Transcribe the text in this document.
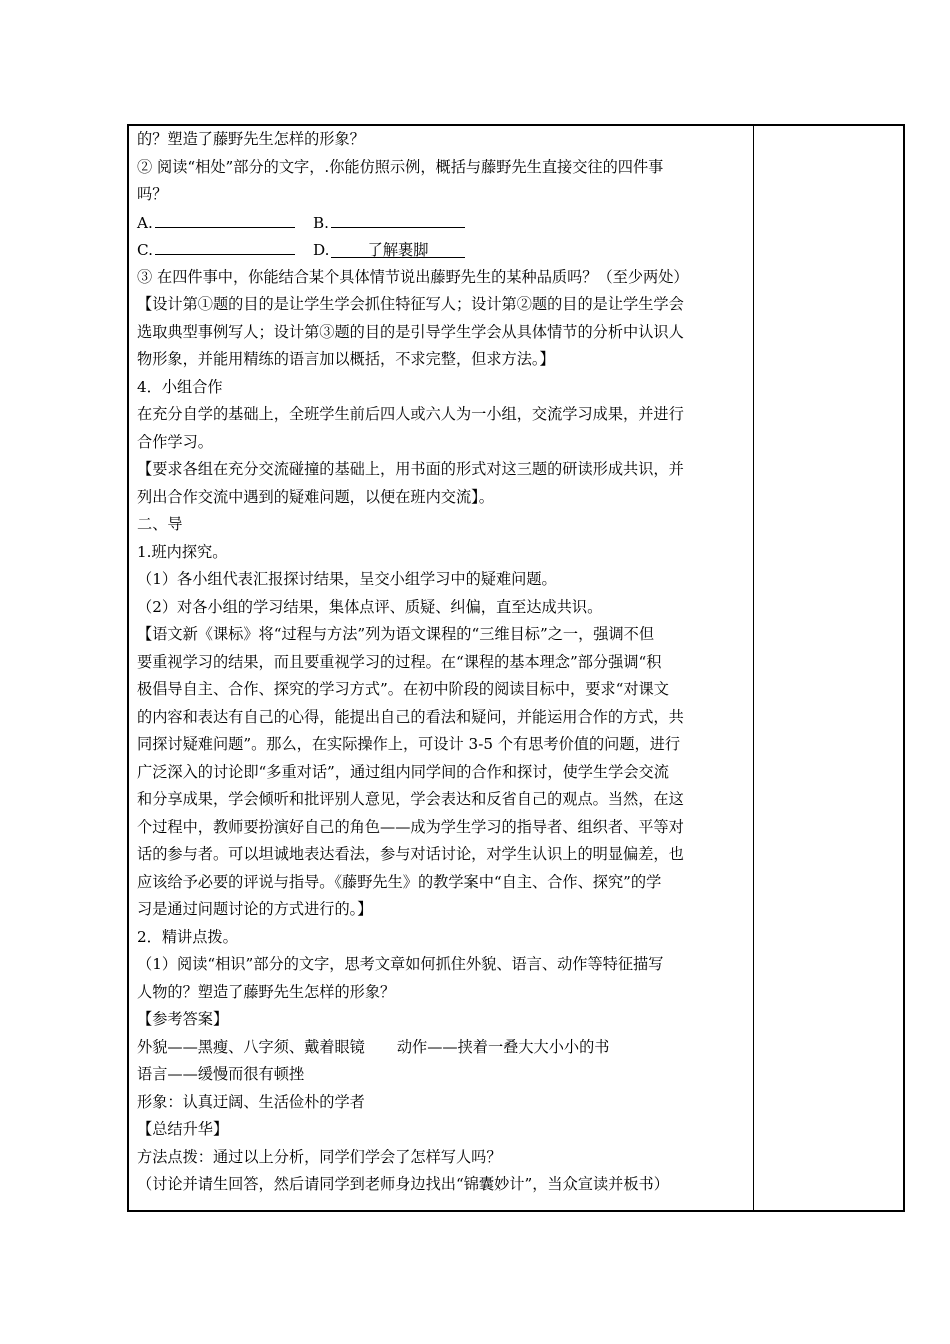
的？塑造了藤野先生怎样的形象？
② 阅读“相处”部分的文字，.你能仿照示例，概括与藤野先生直接交往的四件事
吗？
A.	B.
C.	D.	了解裹脚
③ 在四件事中，你能结合某个具体情节说出藤野先生的某种品质吗？（至少两处）
【设计第①题的目的是让学生学会抓住特征写人；设计第②题的目的是让学生学会
选取典型事例写人；设计第③题的目的是引导学生学会从具体情节的分析中认识人
物形象，并能用精练的语言加以概括，不求完整，但求方法。】
4．小组合作
在充分自学的基础上，全班学生前后四人或六人为一小组，交流学习成果，并进行
合作学习。
【要求各组在充分交流碰撞的基础上，用书面的形式对这三题的研读形成共识，并
列出合作交流中遇到的疑难问题，以便在班内交流】。
二、导
1.班内探究。
（1）各小组代表汇报探讨结果，呈交小组学习中的疑难问题。
（2）对各小组的学习结果，集体点评、质疑、纠偏，直至达成共识。
【语文新《课标》将“过程与方法”列为语文课程的“三维目标”之一，强调不但
要重视学习的结果，而且要重视学习的过程。在“课程的基本理念”部分强调“积
极倡导自主、合作、探究的学习方式”。在初中阶段的阅读目标中，要求“对课文
的内容和表达有自己的心得，能提出自己的看法和疑问，并能运用合作的方式，共
同探讨疑难问题”。那么，在实际操作上，可设计 3-5 个有思考价值的问题，进行
广泛深入的讨论即“多重对话”，通过组内同学间的合作和探讨，使学生学会交流
和分享成果，学会倾听和批评别人意见，学会表达和反省自己的观点。当然，在这
个过程中，教师要扮演好自己的角色——成为学生学习的指导者、组织者、平等对
话的参与者。可以坦诚地表达看法，参与对话讨论，对学生认识上的明显偏差，也
应该给予必要的评说与指导。《藤野先生》的教学案中“自主、合作、探究”的学
习是通过问题讨论的方式进行的。】
2．精讲点拨。
（1）阅读“相识”部分的文字，思考文章如何抓住外貌、语言、动作等特征描写
人物的？塑造了藤野先生怎样的形象？
【参考答案】
外貌——黑瘦、八字须、戴着眼镜 动作——挟着一叠大大小小的书
语言——缓慢而很有顿挫
形象：认真迂阔、生活俭朴的学者
【总结升华】
方法点拨：通过以上分析，同学们学会了怎样写人吗？
（讨论并请生回答，然后请同学到老师身边找出“锦囊妙计”，当众宣读并板书）
